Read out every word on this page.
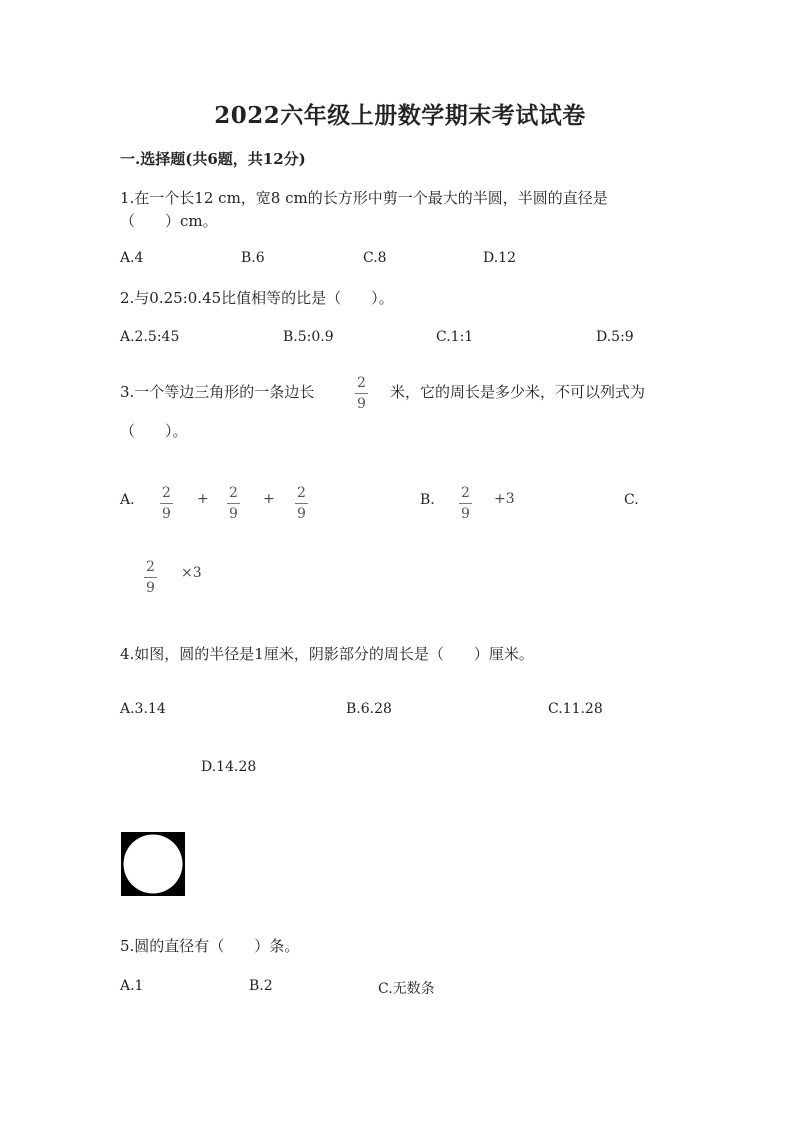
2022六年级上册数学期末考试试卷
一.选择题(共6题，共12分)
1.在一个长12 cm，宽8 cm的长方形中剪一个最大的半圆，半圆的直径是
（　　）cm。
A.4	B.6	C.8	D.12
2.与0.25:0.45比值相等的比是（　　）。
A.2.5:45	B.5:0.9	C.1:1	D.5:9
3.一个等边三角形的一条边长	2
9
米，它的周长是多少米，不可以列式为
（　　）。
A. 2
9
+ 2
9
+ 2
9
B. 2
9
+3	C.
2
9
×3
4.如图，圆的半径是1厘米，阴影部分的周长是（　　）厘米。
A.3.14	B.6.28	C.11.28
D.14.28
5.圆的直径有（　　）条。
A.1	B.2	C.无数条
